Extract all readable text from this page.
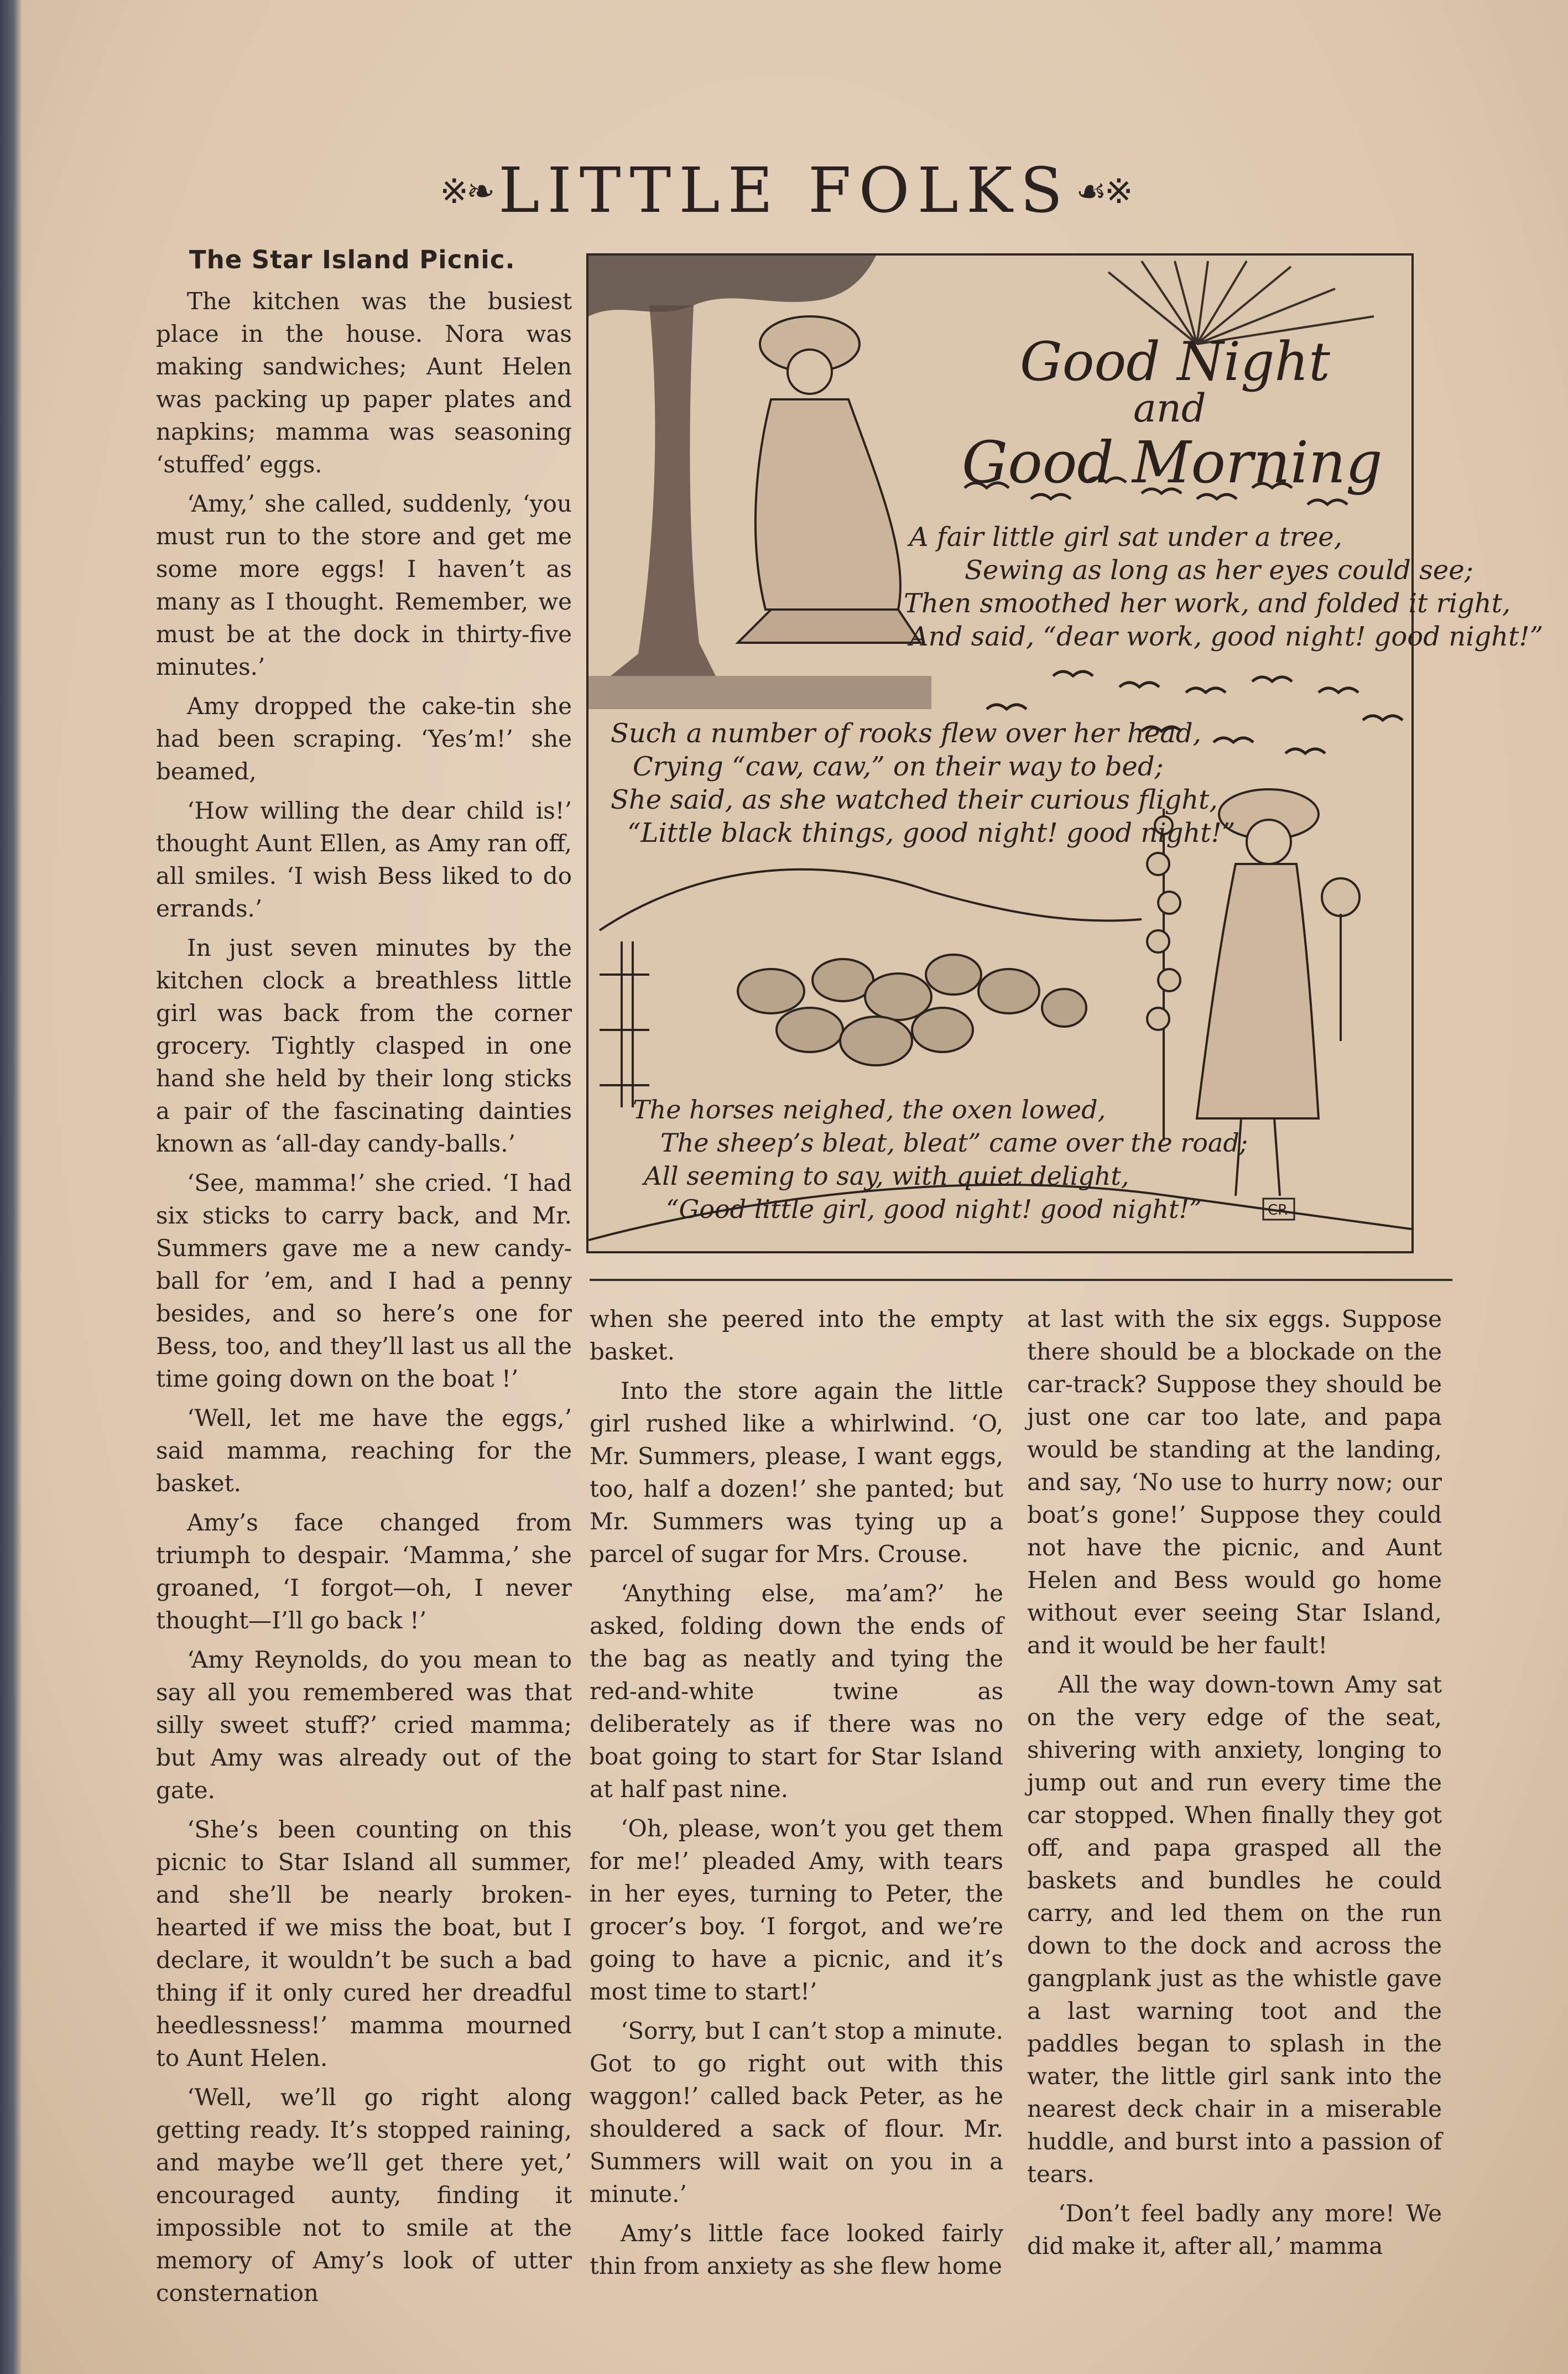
※❧ LITTLE FOLKS ☙※
The Star Island Picnic.

The kitchen was the busiest place in the house. Nora was making sandwiches; Aunt Helen was packing up paper plates and napkins; mamma was seasoning ‘stuffed’ eggs.

‘Amy,’ she called, suddenly, ‘you must run to the store and get me some more eggs! I haven’t as many as I thought. Remember, we must be at the dock in thirty-five minutes.’

Amy dropped the cake-tin she had been scraping. ‘Yes’m!’ she beamed,

‘How willing the dear child is!’ thought Aunt Ellen, as Amy ran off, all smiles. ‘I wish Bess liked to do errands.’

In just seven minutes by the kitchen clock a breathless little girl was back from the corner grocery. Tightly clasped in one hand she held by their long sticks a pair of the fascinating dainties known as ‘all-day candy-balls.’

‘See, mamma!’ she cried. ‘I had six sticks to carry back, and Mr. Summers gave me a new candy-ball for ’em, and I had a penny besides, and so here’s one for Bess, too, and they’ll last us all the time going down on the boat !’

‘Well, let me have the eggs,’ said mamma, reaching for the basket.

Amy’s face changed from triumph to despair. ‘Mamma,’ she groaned, ‘I forgot—oh, I never thought—I’ll go back !’

‘Amy Reynolds, do you mean to say all you remembered was that silly sweet stuff?’ cried mamma; but Amy was already out of the gate.

‘She’s been counting on this picnic to Star Island all summer, and she’ll be nearly broken-hearted if we miss the boat, but I declare, it wouldn’t be such a bad thing if it only cured her dreadful heedlessness!’ mamma mourned to Aunt Helen.

‘Well, we’ll go right along getting ready. It’s stopped raining, and maybe we’ll get there yet,’ encouraged aunty, finding it impossible not to smile at the memory of Amy’s look of utter consternation

Good Night
and
Good Morning
A fair little girl sat under a tree,
Sewing as long as her eyes could see;
Then smoothed her work, and folded it right,
And said, “dear work, good night! good night!”
Such a number of rooks flew over her head,
Crying “caw, caw,” on their way to bed;
She said, as she watched their curious flight,
“Little black things, good night! good night!”
The horses neighed, the oxen lowed,
The sheep’s bleat, bleat” came over the road;
All seeming to say, with quiet delight,
“Good little girl, good night! good night!”	CR

when she peered into the empty basket.

Into the store again the little girl rushed like a whirlwind. ‘O, Mr. Summers, please, I want eggs, too, half a dozen!’ she panted; but Mr. Summers was tying up a parcel of sugar for Mrs. Crouse.

‘Anything else, ma’am?’ he asked, folding down the ends of the bag as neatly and tying the red-and-white twine as deliberately as if there was no boat going to start for Star Island at half past nine.

‘Oh, please, won’t you get them for me!’ pleaded Amy, with tears in her eyes, turning to Peter, the grocer’s boy. ‘I forgot, and we’re going to have a picnic, and it’s most time to start!’

‘Sorry, but I can’t stop a minute. Got to go right out with this waggon!’ called back Peter, as he shouldered a sack of flour. Mr. Summers will wait on you in a minute.’

Amy’s little face looked fairly thin from anxiety as she flew home

at last with the six eggs. Suppose there should be a blockade on the car-track? Suppose they should be just one car too late, and papa would be standing at the landing, and say, ‘No use to hurry now; our boat’s gone!’ Suppose they could not have the picnic, and Aunt Helen and Bess would go home without ever seeing Star Island, and it would be her fault!

All the way down-town Amy sat on the very edge of the seat, shivering with anxiety, longing to jump out and run every time the car stopped. When finally they got off, and papa grasped all the baskets and bundles he could carry, and led them on the run down to the dock and across the gangplank just as the whistle gave a last warning toot and the paddles began to splash in the water, the little girl sank into the nearest deck chair in a miserable huddle, and burst into a passion of tears.

‘Don’t feel badly any more! We did make it, after all,’ mamma
